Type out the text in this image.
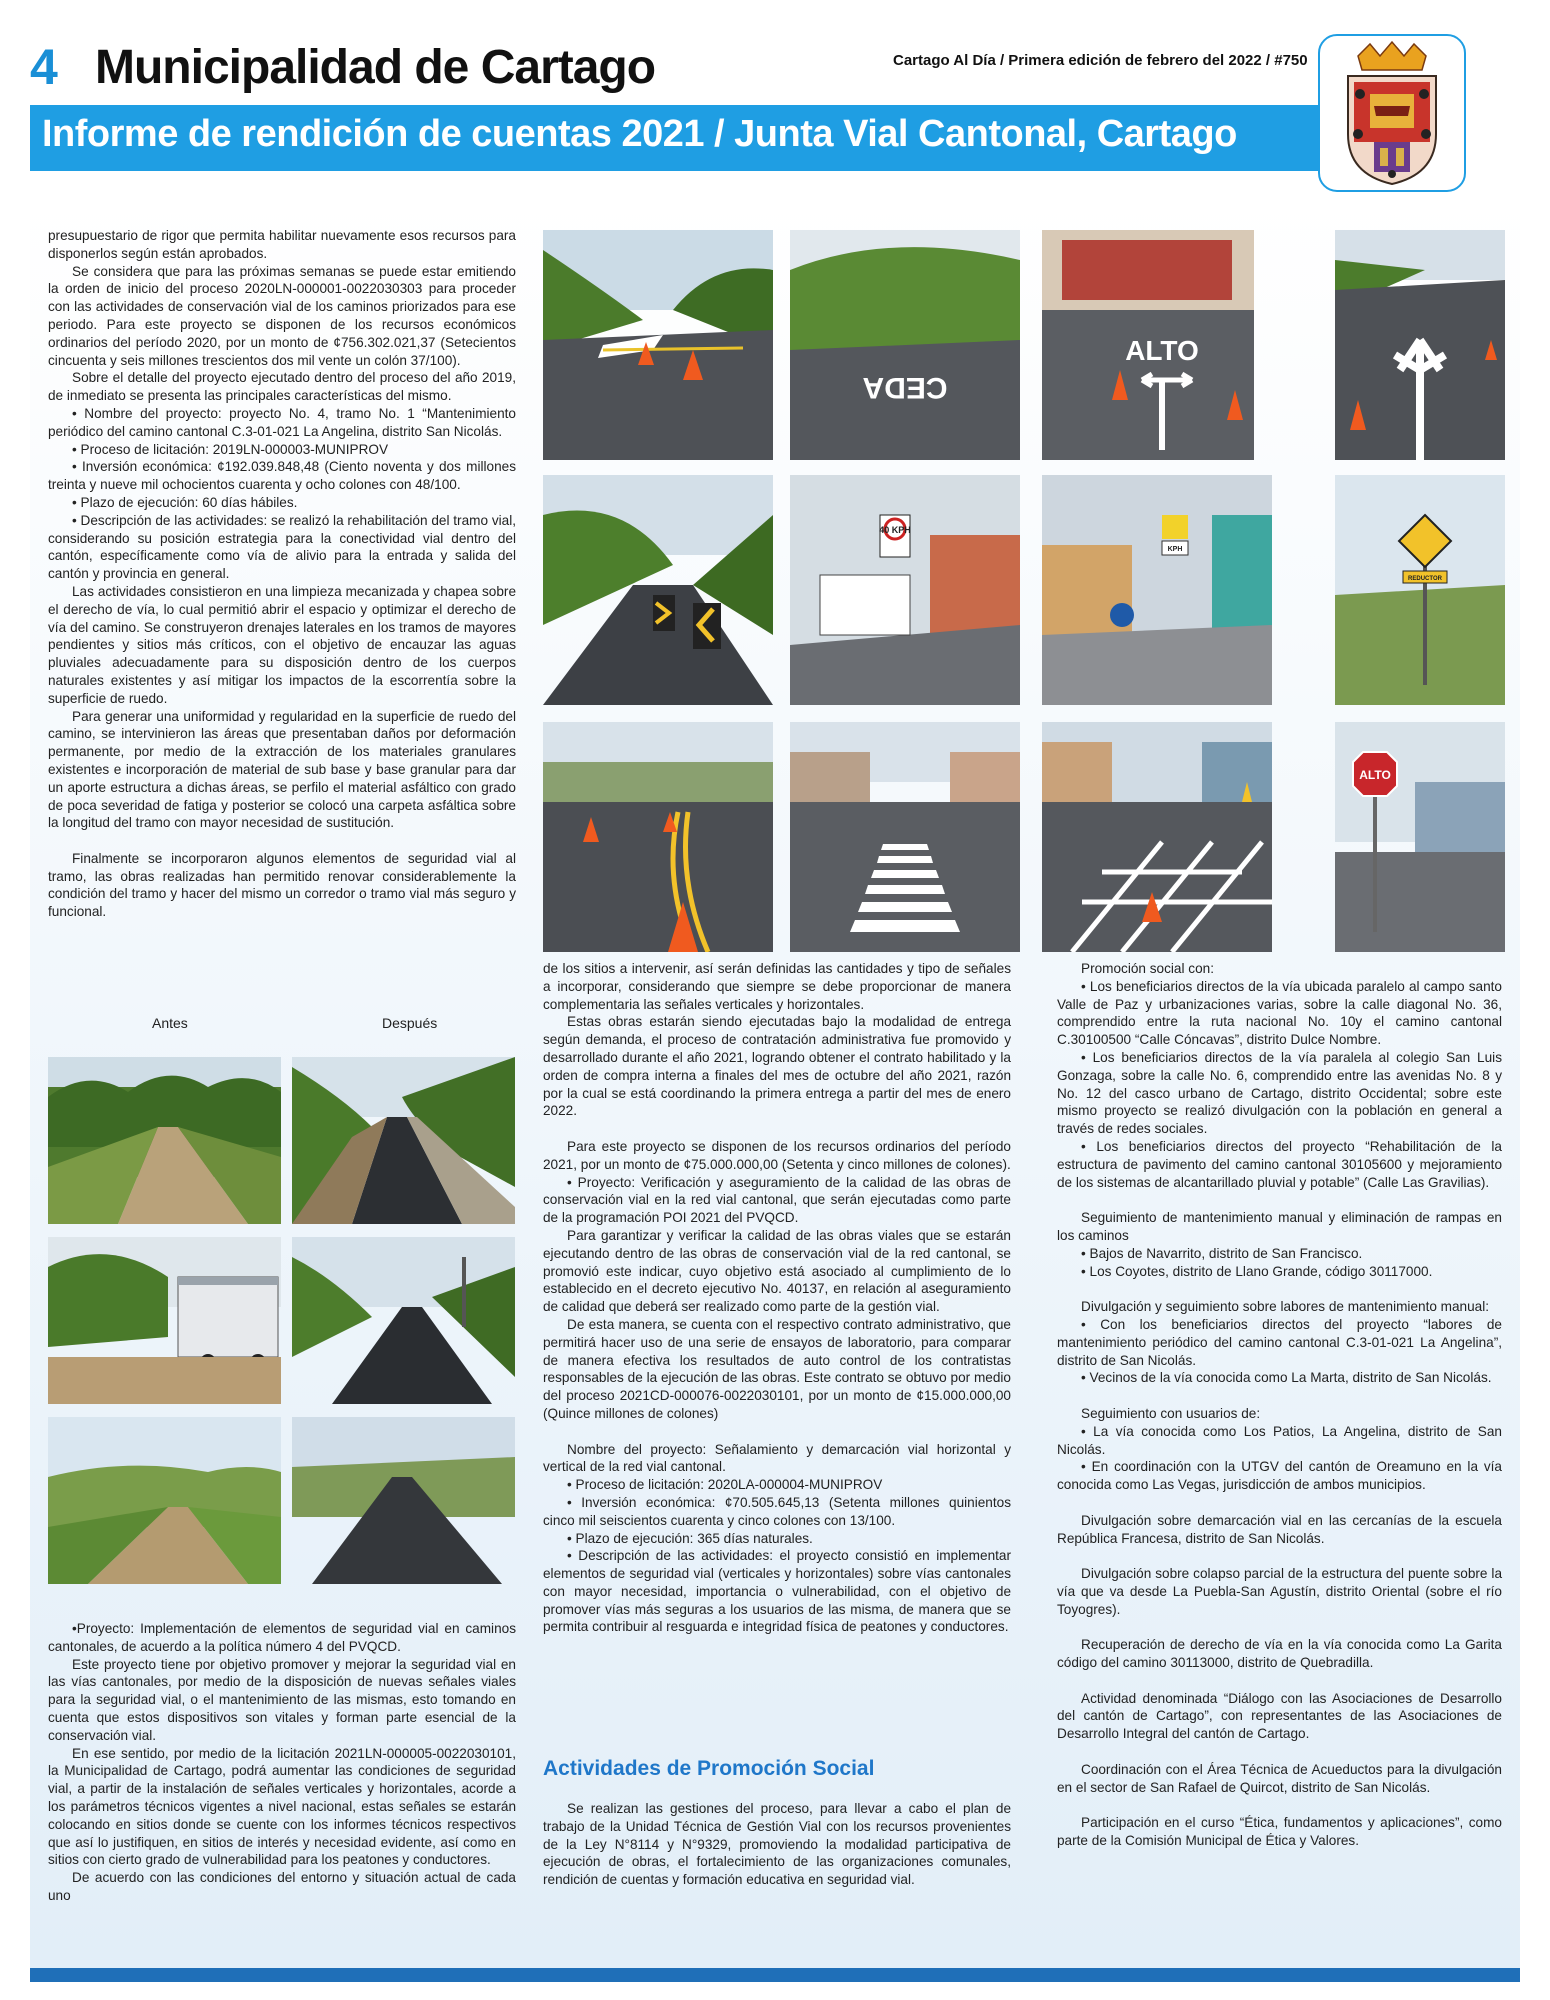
4 Municipalidad de Cartago	Cartago Al Día / Primera edición de febrero del 2022 / #750
Informe de rendición de cuentas 2021 / Junta Vial Cantonal, Cartago

presupuestario de rigor que permita habilitar nuevamente esos recursos para disponerlos según están aprobados.

Se considera que para las próximas semanas se puede estar emitiendo la orden de inicio del proceso 2020LN-000001-0022030303 para proceder con las actividades de conservación vial de los caminos priorizados para ese periodo. Para este proyecto se disponen de los recursos económicos ordinarios del período 2020, por un monto de ¢756.302.021,37 (Setecientos cincuenta y seis millones trescientos dos mil vente un colón 37/100).

Sobre el detalle del proyecto ejecutado dentro del proceso del año 2019, de inmediato se presenta las principales características del mismo.

• Nombre del proyecto: proyecto No. 4, tramo No. 1 “Mantenimiento periódico del camino cantonal C.3-01-021 La Angelina, distrito San Nicolás.

• Proceso de licitación: 2019LN-000003-MUNIPROV

• Inversión económica: ¢192.039.848,48 (Ciento noventa y dos millones treinta y nueve mil ochocientos cuarenta y ocho colones con 48/100.

• Plazo de ejecución: 60 días hábiles.

• Descripción de las actividades: se realizó la rehabilitación del tramo vial, considerando su posición estrategia para la conectividad vial dentro del cantón, específicamente como vía de alivio para la entrada y salida del cantón y provincia en general.

Las actividades consistieron en una limpieza mecanizada y chapea sobre el derecho de vía, lo cual permitió abrir el espacio y optimizar el derecho de vía del camino. Se construyeron drenajes laterales en los tramos de mayores pendientes y sitios más críticos, con el objetivo de encauzar las aguas pluviales adecuadamente para su disposición dentro de los cuerpos naturales existentes y así mitigar los impactos de la escorrentía sobre la superficie de ruedo.

Para generar una uniformidad y regularidad en la superficie de ruedo del camino, se intervinieron las áreas que presentaban daños por deformación permanente, por medio de la extracción de los materiales granulares existentes e incorporación de material de sub base y base granular para dar un aporte estructura a dichas áreas, se perfilo el material asfáltico con grado de poca severidad de fatiga y posterior se colocó una carpeta asfáltica sobre la longitud del tramo con mayor necesidad de sustitución.

Finalmente se incorporaron algunos elementos de seguridad vial al tramo, las obras realizadas han permitido renovar considerablemente la condición del tramo y hacer del mismo un corredor o tramo vial más seguro y funcional.

Antes	Después

•Proyecto: Implementación de elementos de seguridad vial en caminos cantonales, de acuerdo a la política número 4 del PVQCD.

Este proyecto tiene por objetivo promover y mejorar la seguridad vial en las vías cantonales, por medio de la disposición de nuevas señales viales para la seguridad vial, o el mantenimiento de las mismas, esto tomando en cuenta que estos dispositivos son vitales y forman parte esencial de la conservación vial.

En ese sentido, por medio de la licitación 2021LN-000005-0022030101, la Municipalidad de Cartago, podrá aumentar las condiciones de seguridad vial, a partir de la instalación de señales verticales y horizontales, acorde a los parámetros técnicos vigentes a nivel nacional, estas señales se estarán colocando en sitios donde se cuente con los informes técnicos respectivos que así lo justifiquen, en sitios de interés y necesidad evidente, así como en sitios con cierto grado de vulnerabilidad para los peatones y conductores.

De acuerdo con las condiciones del entorno y situación actual de cada uno

CEDA
ALTO
40 KPH
KPH
REDUCTOR
ALTO

de los sitios a intervenir, así serán definidas las cantidades y tipo de señales a incorporar, considerando que siempre se debe proporcionar de manera complementaria las señales verticales y horizontales.

Estas obras estarán siendo ejecutadas bajo la modalidad de entrega según demanda, el proceso de contratación administrativa fue promovido y desarrollado durante el año 2021, logrando obtener el contrato habilitado y la orden de compra interna a finales del mes de octubre del año 2021, razón por la cual se está coordinando la primera entrega a partir del mes de enero 2022.

Para este proyecto se disponen de los recursos ordinarios del período 2021, por un monto de ¢75.000.000,00 (Setenta y cinco millones de colones).

• Proyecto: Verificación y aseguramiento de la calidad de las obras de conservación vial en la red vial cantonal, que serán ejecutadas como parte de la programación POI 2021 del PVQCD.

Para garantizar y verificar la calidad de las obras viales que se estarán ejecutando dentro de las obras de conservación vial de la red cantonal, se promovió este indicar, cuyo objetivo está asociado al cumplimiento de lo establecido en el decreto ejecutivo No. 40137, en relación al aseguramiento de calidad que deberá ser realizado como parte de la gestión vial.

De esta manera, se cuenta con el respectivo contrato administrativo, que permitirá hacer uso de una serie de ensayos de laboratorio, para comparar de manera efectiva los resultados de auto control de los contratistas responsables de la ejecución de las obras. Este contrato se obtuvo por medio del proceso 2021CD-000076-0022030101, por un monto de ¢15.000.000,00 (Quince millones de colones)

Nombre del proyecto: Señalamiento y demarcación vial horizontal y vertical de la red vial cantonal.

• Proceso de licitación: 2020LA-000004-MUNIPROV

• Inversión económica: ¢70.505.645,13 (Setenta millones quinientos cinco mil seiscientos cuarenta y cinco colones con 13/100.

• Plazo de ejecución: 365 días naturales.

• Descripción de las actividades: el proyecto consistió en implementar elementos de seguridad vial (verticales y horizontales) sobre vías cantonales con mayor necesidad, importancia o vulnerabilidad, con el objetivo de promover vías más seguras a los usuarios de las misma, de manera que se permita contribuir al resguarda e integridad física de peatones y conductores.

Actividades de Promoción Social

Se realizan las gestiones del proceso, para llevar a cabo el plan de trabajo de la Unidad Técnica de Gestión Vial con los recursos provenientes de la Ley N°8114 y N°9329, promoviendo la modalidad participativa de ejecución de obras, el fortalecimiento de las organizaciones comunales, rendición de cuentas y formación educativa en seguridad vial.

Promoción social con:

• Los beneficiarios directos de la vía ubicada paralelo al campo santo Valle de Paz y urbanizaciones varias, sobre la calle diagonal No. 36, comprendido entre la ruta nacional No. 10y el camino cantonal C.30100500 “Calle Cóncavas”, distrito Dulce Nombre.

• Los beneficiarios directos de la vía paralela al colegio San Luis Gonzaga, sobre la calle No. 6, comprendido entre las avenidas No. 8 y No. 12 del casco urbano de Cartago, distrito Occidental; sobre este mismo proyecto se realizó divulgación con la población en general a través de redes sociales.

• Los beneficiarios directos del proyecto “Rehabilitación de la estructura de pavimento del camino cantonal 30105600 y mejoramiento de los sistemas de alcantarillado pluvial y potable” (Calle Las Gravilias).

Seguimiento de mantenimiento manual y eliminación de rampas en los caminos

• Bajos de Navarrito, distrito de San Francisco.

• Los Coyotes, distrito de Llano Grande, código 30117000.

Divulgación y seguimiento sobre labores de mantenimiento manual:

• Con los beneficiarios directos del proyecto “labores de mantenimiento periódico del camino cantonal C.3-01-021 La Angelina”, distrito de San Nicolás.

• Vecinos de la vía conocida como La Marta, distrito de San Nicolás.

Seguimiento con usuarios de:

• La vía conocida como Los Patios, La Angelina, distrito de San Nicolás.

• En coordinación con la UTGV del cantón de Oreamuno en la vía conocida como Las Vegas, jurisdicción de ambos municipios.

Divulgación sobre demarcación vial en las cercanías de la escuela República Francesa, distrito de San Nicolás.

Divulgación sobre colapso parcial de la estructura del puente sobre la vía que va desde La Puebla-San Agustín, distrito Oriental (sobre el río Toyogres).

Recuperación de derecho de vía en la vía conocida como La Garita código del camino 30113000, distrito de Quebradilla.

Actividad denominada “Diálogo con las Asociaciones de Desarrollo del cantón de Cartago”, con representantes de las Asociaciones de Desarrollo Integral del cantón de Cartago.

Coordinación con el Área Técnica de Acueductos para la divulgación en el sector de San Rafael de Quircot, distrito de San Nicolás.

Participación en el curso “Ética, fundamentos y aplicaciones”, como parte de la Comisión Municipal de Ética y Valores.
